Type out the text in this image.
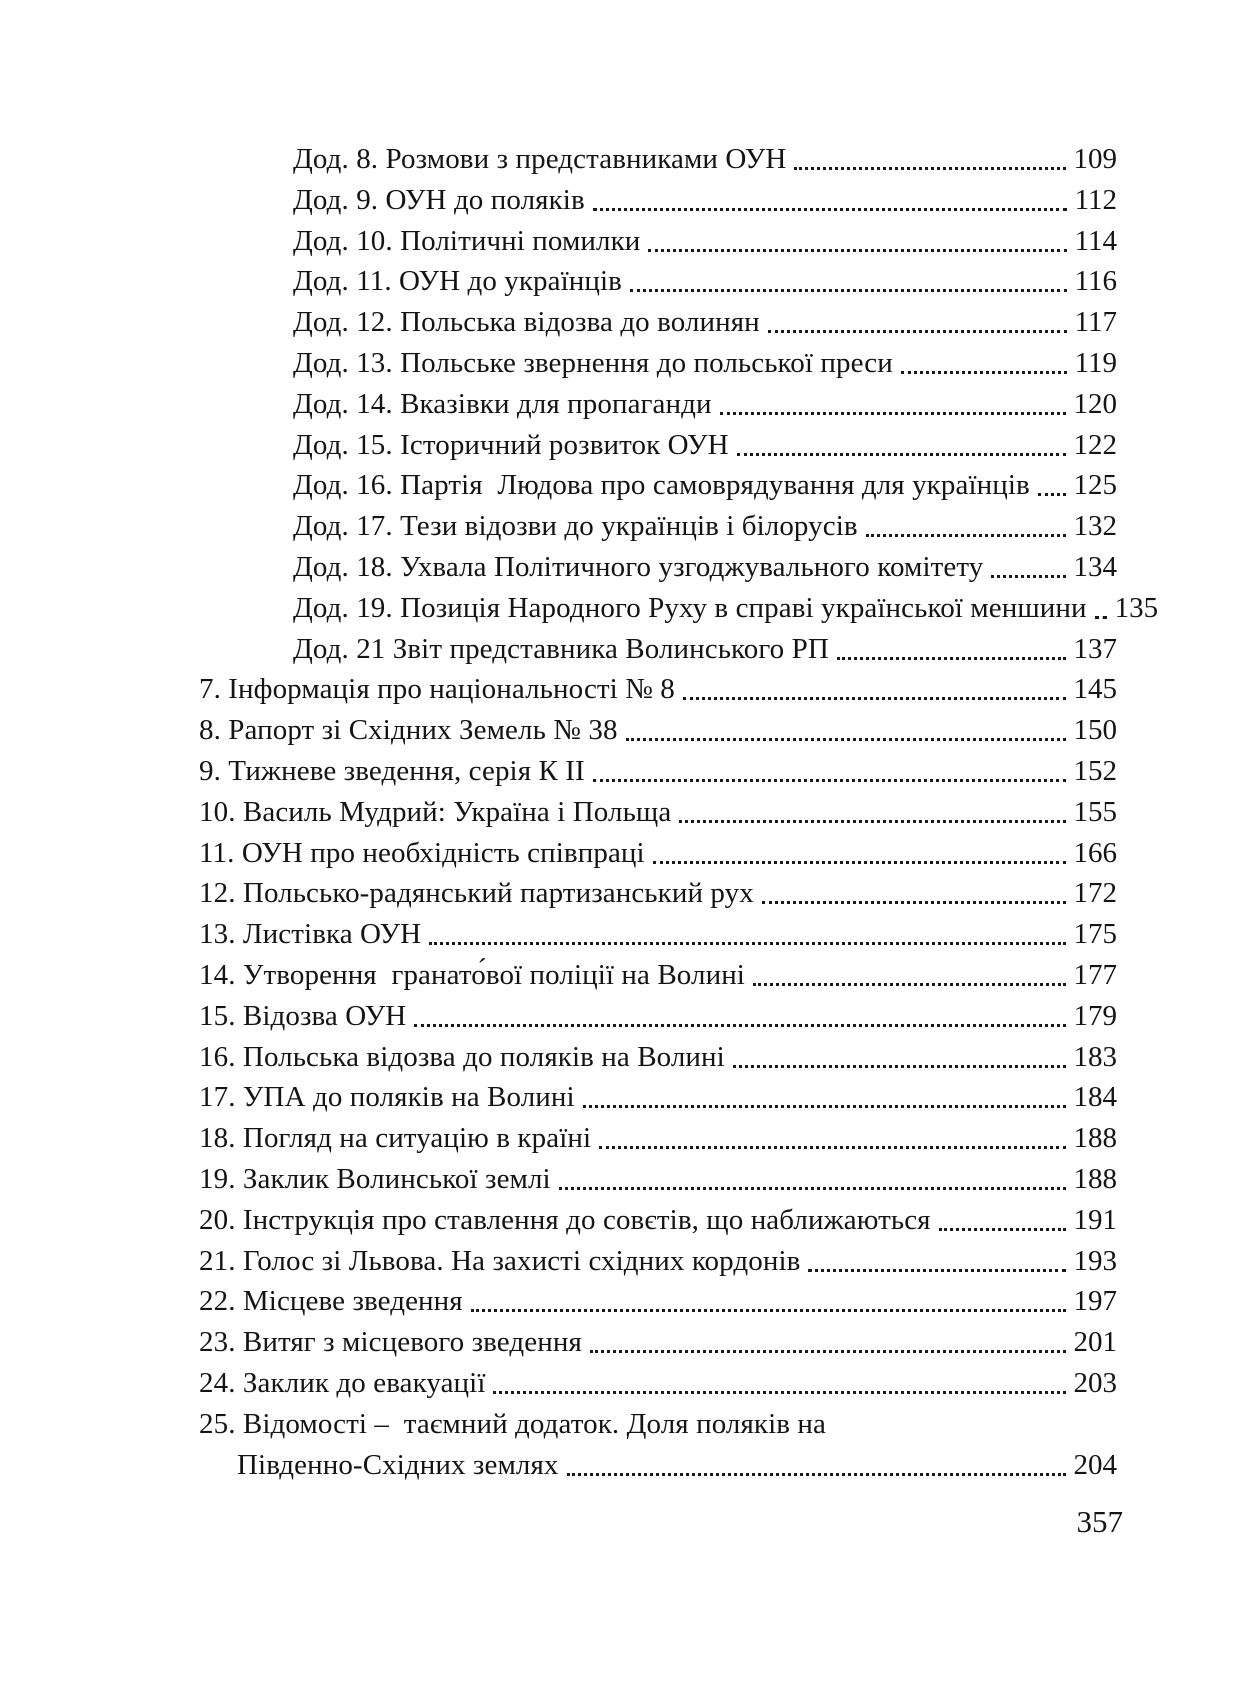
Дод. 8. Розмови з представниками ОУН	109
Дод. 9. ОУН до поляків	112
Дод. 10. Політичні помилки	114
Дод. 11. ОУН до українців	116
Дод. 12. Польська відозва до волинян	117
Дод. 13. Польське звернення до польської преси	119
Дод. 14. Вказівки для пропаганди	120
Дод. 15. Історичний розвиток ОУН	122
Дод. 16. Партія  Людова про самоврядування для українців 125
Дод. 17. Тези відозви до українців і білорусів	132
Дод. 18. Ухвала Політичного узгоджувального комітету	134
Дод. 19. Позиція Народного Руху в справі української меншини 135
Дод. 21 Звіт представника Волинського РП	137
7. Інформація про національності № 8	145
8. Рапорт зі Східних Земель № 38	150
9. Тижневе зведення, серія К ІІ	152
10. Василь Мудрий: Україна і Польща	155
11. ОУН про необхідність співпраці	166
12. Польсько-радянський партизанський рух	172
13. Листівка ОУН	175
14. Утворення  гранато́вої поліції на Волині	177
15. Відозва ОУН	179
16. Польська відозва до поляків на Волині	183
17. УПА до поляків на Волині	184
18. Погляд на ситуацію в країні	188
19. Заклик Волинської землі	188
20. Інструкція про ставлення до совєтів, що наближаються	191
21. Голос зі Львова. На захисті східних кордонів	193
22. Місцеве зведення	197
23. Витяг з місцевого зведення	201
24. Заклик до евакуації	203
25. Відомості –  таємний додаток. Доля поляків на
Південно-Східних землях	204
357
